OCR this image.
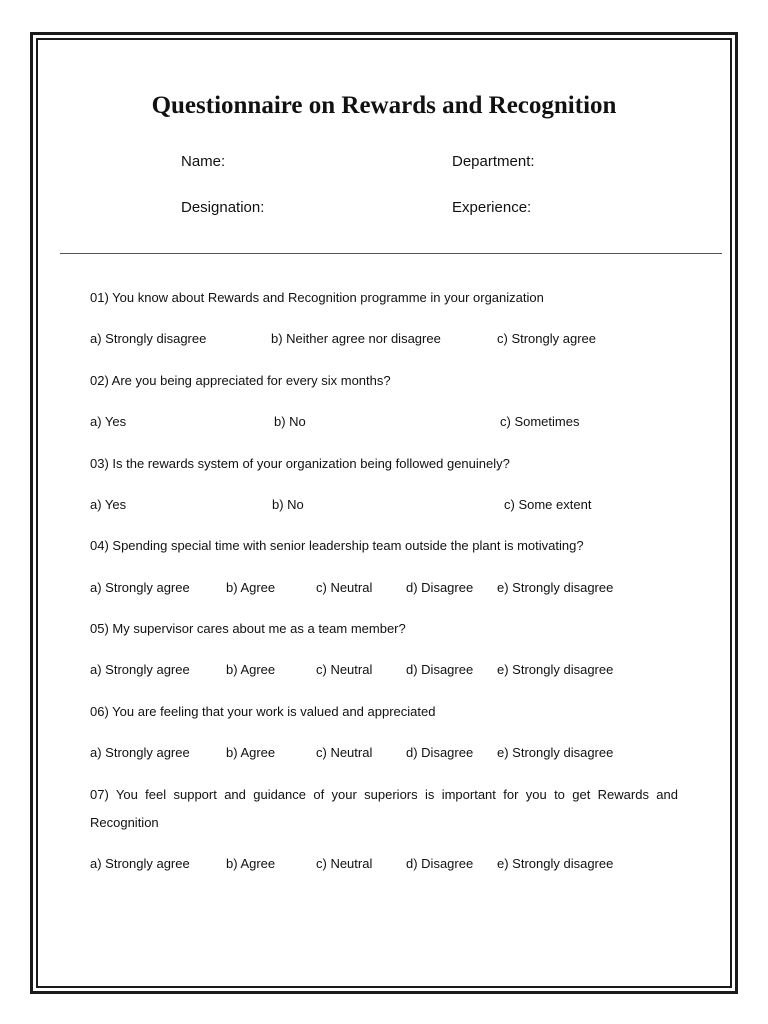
Questionnaire on Rewards and Recognition

Name:	Department:

Designation:	Experience:

01) You know about Rewards and Recognition programme in your organization

a) Strongly disagree	b) Neither agree nor disagree	c) Strongly agree

02) Are you being appreciated for every six months?

a) Yes	b) No	c) Sometimes

03) Is the rewards system of your organization being followed genuinely?

a) Yes	b) No	c) Some extent

04) Spending special time with senior leadership team outside the plant is motivating?

a) Strongly agree	b) Agree	c) Neutral	d) Disagree e) Strongly disagree

05) My supervisor cares about me as a team member?

a) Strongly agree	b) Agree	c) Neutral	d) Disagree e) Strongly disagree

06) You are feeling that your work is valued and appreciated

a) Strongly agree	b) Agree	c) Neutral	d) Disagree e) Strongly disagree

07) You feel support and guidance of your superiors is important for you to get Rewards and Recognition

a) Strongly agree	b) Agree	c) Neutral	d) Disagree e) Strongly disagree
